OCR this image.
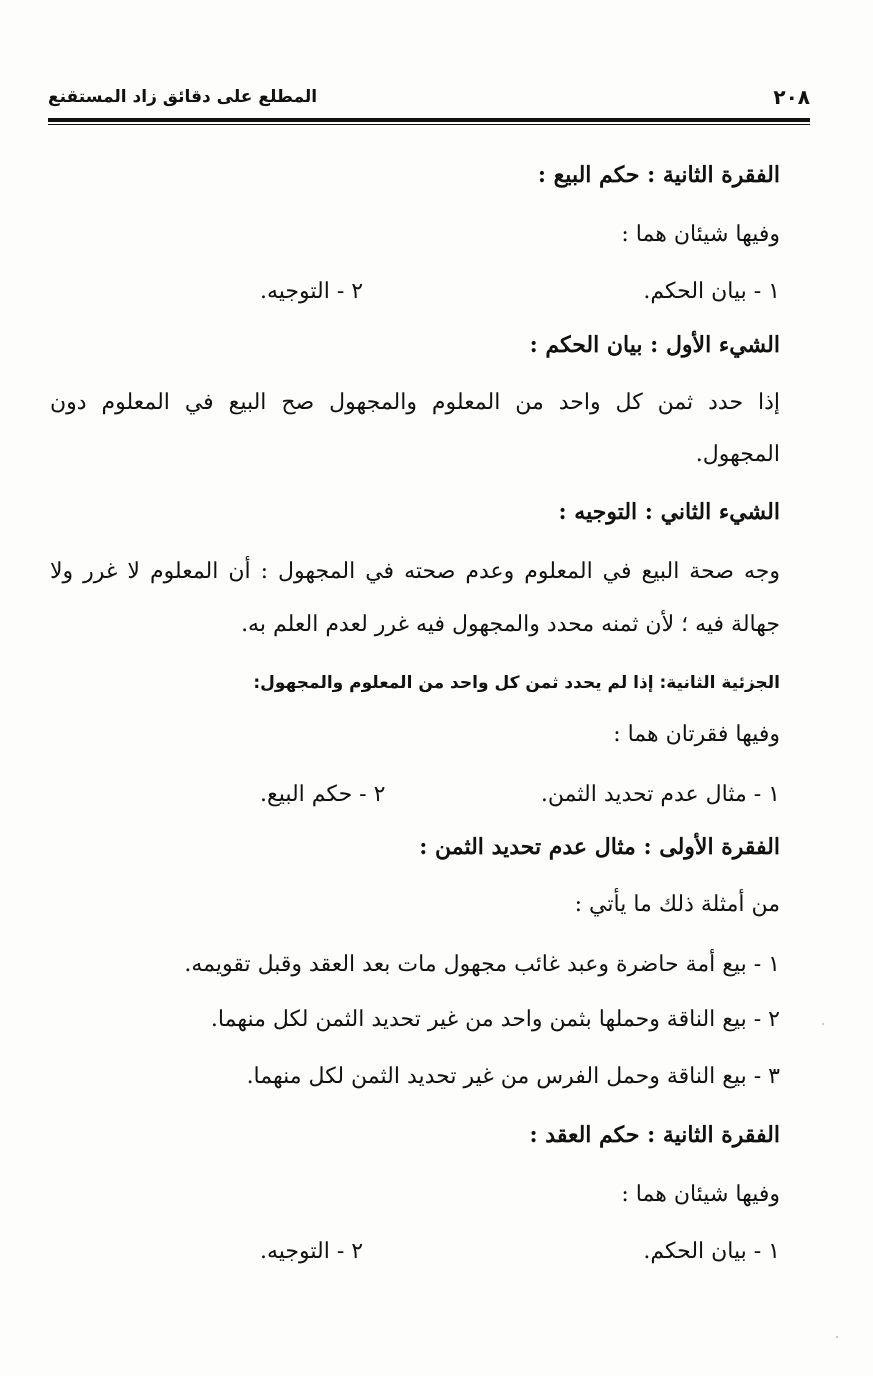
٢٠٨
المطلع على دقائق زاد المستقنع
الفقرة الثانية : حكم البيع :
وفيها شيئان هما :
١ - بيان الحكم.
٢ - التوجيه.
الشيء الأول : بيان الحكم :
إذا حدد ثمن كل واحد من المعلوم والمجهول صح البيع في المعلوم دون
المجهول.
الشيء الثاني : التوجيه :
وجه صحة البيع في المعلوم وعدم صحته في المجهول : أن المعلوم لا غرر ولا
جهالة فيه ؛ لأن ثمنه محدد والمجهول فيه غرر لعدم العلم به.
الجزئية الثانية: إذا لم يحدد ثمن كل واحد من المعلوم والمجهول:
وفيها فقرتان هما :
١ - مثال عدم تحديد الثمن.
٢ - حكم البيع.
الفقرة الأولى : مثال عدم تحديد الثمن :
من أمثلة ذلك ما يأتي :
١ - بيع أمة حاضرة وعبد غائب مجهول مات بعد العقد وقبل تقويمه.
٢ - بيع الناقة وحملها بثمن واحد من غير تحديد الثمن لكل منهما.
٣ - بيع الناقة وحمل الفرس من غير تحديد الثمن لكل منهما.
الفقرة الثانية : حكم العقد :
وفيها شيئان هما :
١ - بيان الحكم.
٢ - التوجيه.
